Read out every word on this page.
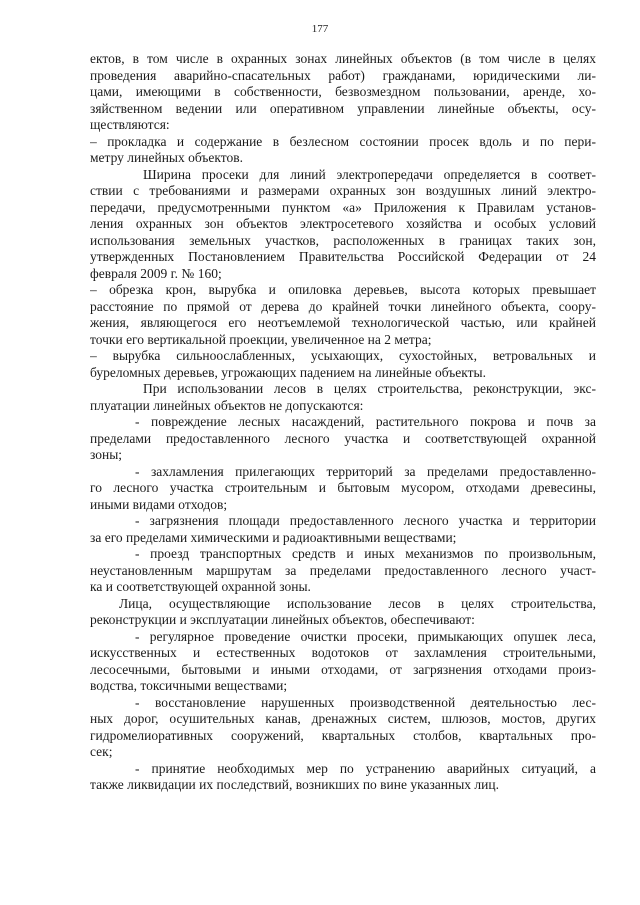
177
ектов, в том числе в охранных зонах линейных объектов (в том числе в целях
проведения аварийно-спасательных работ) гражданами, юридическими ли-
цами, имеющими в собственности, безвозмездном пользовании, аренде, хо-
зяйственном ведении или оперативном управлении линейные объекты, осу-
ществляются:
– прокладка и содержание в безлесном состоянии просек вдоль и по пери-
метру линейных объектов.
Ширина просеки для линий электропередачи определяется в соответ-
ствии с требованиями и размерами охранных зон воздушных линий электро-
передачи, предусмотренными пунктом «а» Приложения к Правилам установ-
ления охранных зон объектов электросетевого хозяйства и особых условий
использования земельных участков, расположенных в границах таких зон,
утвержденных Постановлением Правительства Российской Федерации от 24
февраля 2009 г. № 160;
– обрезка крон, вырубка и опиловка деревьев, высота которых превышает
расстояние по прямой от дерева до крайней точки линейного объекта, соору-
жения, являющегося его неотъемлемой технологической частью, или крайней
точки его вертикальной проекции, увеличенное на 2 метра;
– вырубка сильноослабленных, усыхающих, сухостойных, ветровальных и
буреломных деревьев, угрожающих падением на линейные объекты.
При использовании лесов в целях строительства, реконструкции, экс-
плуатации линейных объектов не допускаются:
- повреждение лесных насаждений, растительного покрова и почв за
пределами предоставленного лесного участка и соответствующей охранной
зоны;
- захламления прилегающих территорий за пределами предоставленно-
го лесного участка строительным и бытовым мусором, отходами древесины,
иными видами отходов;
- загрязнения площади предоставленного лесного участка и территории
за его пределами химическими и радиоактивными веществами;
- проезд транспортных средств и иных механизмов по произвольным,
неустановленным маршрутам за пределами предоставленного лесного участ-
ка и соответствующей охранной зоны.
Лица, осуществляющие использование лесов в целях строительства,
реконструкции и эксплуатации линейных объектов, обеспечивают:
- регулярное проведение очистки просеки, примыкающих опушек леса,
искусственных и естественных водотоков от захламления строительными,
лесосечными, бытовыми и иными отходами, от загрязнения отходами произ-
водства, токсичными веществами;
- восстановление нарушенных производственной деятельностью лес-
ных дорог, осушительных канав, дренажных систем, шлюзов, мостов, других
гидромелиоративных сооружений, квартальных столбов, квартальных про-
сек;
- принятие необходимых мер по устранению аварийных ситуаций, а
также ликвидации их последствий, возникших по вине указанных лиц.
